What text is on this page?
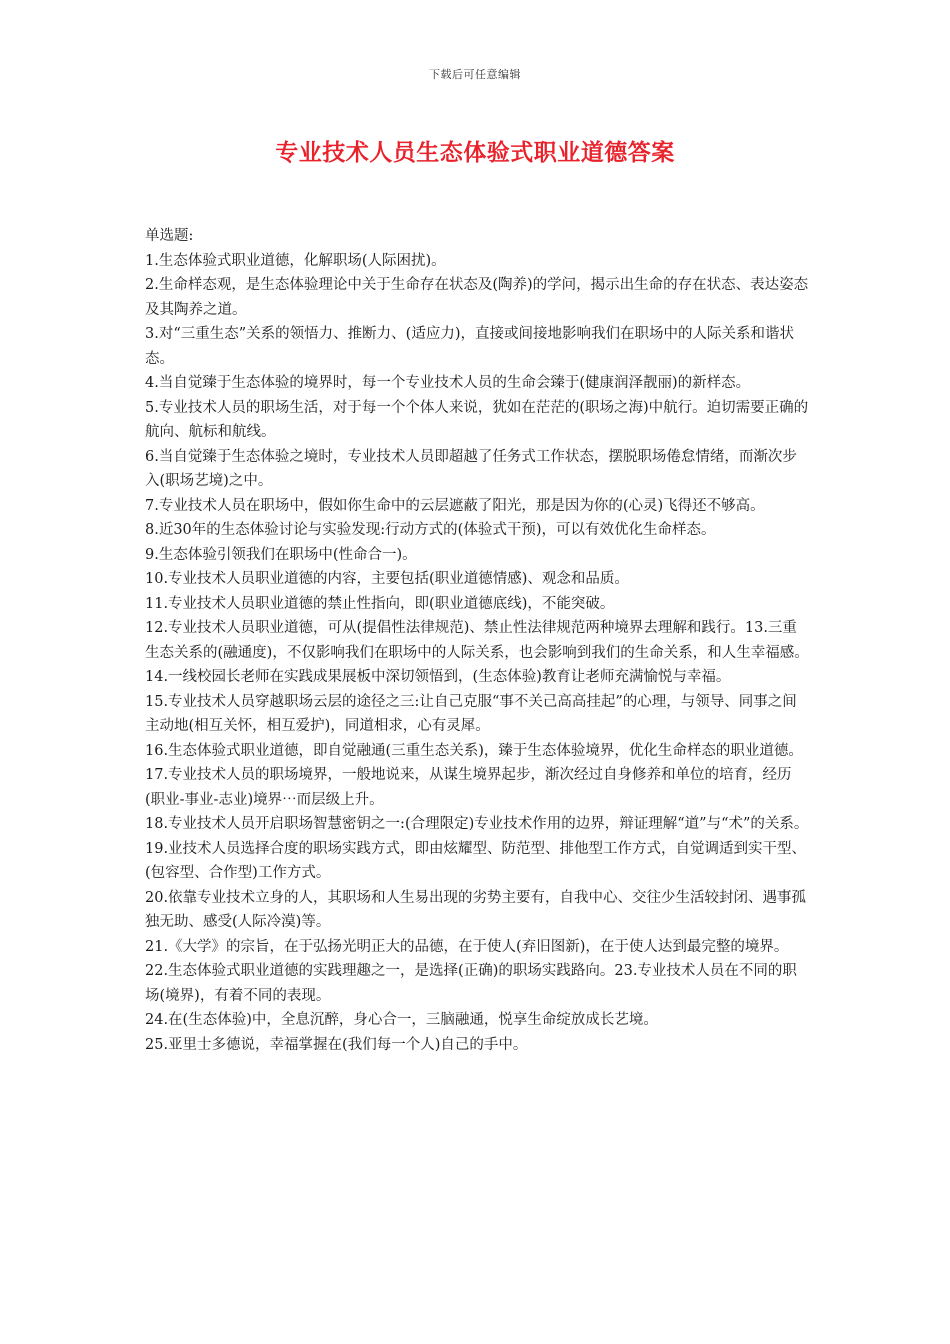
下载后可任意编辑
专业技术人员生态体验式职业道德答案

单选题:

1.生态体验式职业道德，化解职场(人际困扰)。

2.生命样态观，是生态体验理论中关于生命存在状态及(陶养)的学问，揭示出生命的存在状态、表达姿态及其陶养之道。

3.对“三重生态”关系的领悟力、推断力、(适应力)，直接或间接地影响我们在职场中的人际关系和谐状态。

4.当自觉臻于生态体验的境界时，每一个专业技术人员的生命会臻于(健康润泽靓丽)的新样态。

5.专业技术人员的职场生活，对于每一个个体人来说，犹如在茫茫的(职场之海)中航行。迫切需要正确的航向、航标和航线。

6.当自觉臻于生态体验之境时，专业技术人员即超越了任务式工作状态，摆脱职场倦怠情绪，而渐次步入(职场艺境)之中。

7.专业技术人员在职场中，假如你生命中的云层遮蔽了阳光，那是因为你的(心灵)飞得还不够高。

8.近30年的生态体验讨论与实验发现:行动方式的(体验式干预)，可以有效优化生命样态。

9.生态体验引领我们在职场中(性命合一)。

10.专业技术人员职业道德的内容，主要包括(职业道德情感)、观念和品质。

11.专业技术人员职业道德的禁止性指向，即(职业道德底线)，不能突破。

12.专业技术人员职业道德，可从(提倡性法律规范)、禁止性法律规范两种境界去理解和践行。13.三重生态关系的(融通度)，不仅影响我们在职场中的人际关系，也会影响到我们的生命关系，和人生幸福感。

14.一线校园长老师在实践成果展板中深切领悟到，(生态体验)教育让老师充满愉悦与幸福。

15.专业技术人员穿越职场云层的途径之三:让自己克服“事不关己高高挂起”的心理，与领导、同事之间主动地(相互关怀，相互爱护)，同道相求，心有灵犀。

16.生态体验式职业道德，即自觉融通(三重生态关系)，臻于生态体验境界，优化生命样态的职业道德。

17.专业技术人员的职场境界，一般地说来，从谋生境界起步，渐次经过自身修养和单位的培育，经历(职业-事业-志业)境界⋯而层级上升。

18.专业技术人员开启职场智慧密钥之一:(合理限定)专业技术作用的边界，辩证理解“道”与“术”的关系。

19.业技术人员选择合度的职场实践方式，即由炫耀型、防范型、排他型工作方式，自觉调适到实干型、(包容型、合作型)工作方式。

20.依靠专业技术立身的人，其职场和人生易出现的劣势主要有，自我中心、交往少生活较封闭、遇事孤独无助、感受(人际冷漠)等。

21.《大学》的宗旨，在于弘扬光明正大的品德，在于使人(弃旧图新)，在于使人达到最完整的境界。

22.生态体验式职业道德的实践理趣之一，是选择(正确)的职场实践路向。23.专业技术人员在不同的职场(境界)，有着不同的表现。

24.在(生态体验)中，全息沉醉，身心合一，三脑融通，悦享生命绽放成长艺境。

25.亚里士多德说，幸福掌握在(我们每一个人)自己的手中。
